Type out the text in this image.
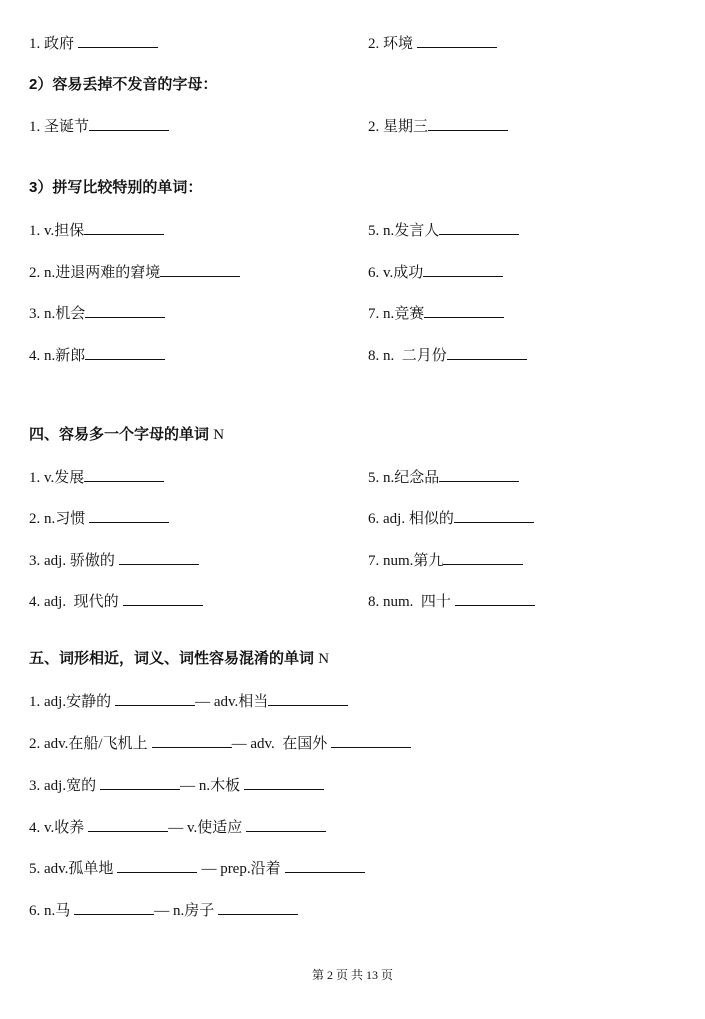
1. 政府	2. 环境
2）容易丢掉不发音的字母：
1. 圣诞节	2. 星期三
3）拼写比较特别的单词：
1. v.担保
2. n.进退两难的窘境
3. n.机会
4. n.新郎
5. n.发言人
6. v.成功
7. n.竞赛
8. n.  二月份
四、容易多一个字母的单词 N
1. v.发展
2. n.习惯
3. adj. 骄傲的
4. adj.  现代的
5. n.纪念品
6. adj. 相似的
7. num.第九
8. num.  四十
五、词形相近，词义、词性容易混淆的单词 N
1. adj.安静的	— adv.相当
2. adv.在船/飞机上	— adv.  在国外
3. adj.宽的	— n.木板
4. v.收养	— v.使适应
5. adv.孤单地	— prep.沿着
6. n.马	— n.房子
第 2 页 共 13 页
